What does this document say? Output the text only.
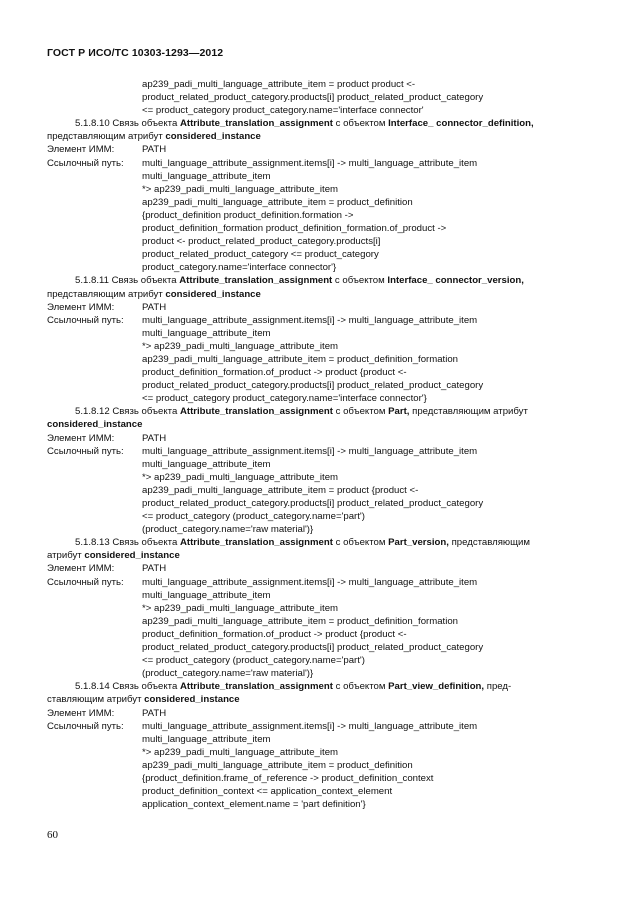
ГОСТ Р ИСО/ТС 10303-1293—2012
ap239_padi_multi_language_attribute_item = product product <-
product_related_product_category.products[i] product_related_product_category
<= product_category product_category.name='interface connector'
5.1.8.10 Связь объекта Attribute_translation_assignment с объектом Interface_ connector_definition,
представляющим атрибут considered_instance
Элемент ИММ:	PATH
Ссылочный путь:	multi_language_attribute_assignment.items[i] -> multi_language_attribute_item
multi_language_attribute_item
*> ap239_padi_multi_language_attribute_item
ap239_padi_multi_language_attribute_item = product_definition
{product_definition product_definition.formation ->
product_definition_formation product_definition_formation.of_product ->
product <- product_related_product_category.products[i]
product_related_product_category <= product_category
product_category.name='interface connector'}
5.1.8.11 Связь объекта Attribute_translation_assignment с объектом Interface_ connector_version,
представляющим атрибут considered_instance
Элемент ИММ:	PATH
Ссылочный путь:	multi_language_attribute_assignment.items[i] -> multi_language_attribute_item
multi_language_attribute_item
*> ap239_padi_multi_language_attribute_item
ap239_padi_multi_language_attribute_item = product_definition_formation
product_definition_formation.of_product -> product {product <-
product_related_product_category.products[i] product_related_product_category
<= product_category product_category.name='interface connector'}
5.1.8.12 Связь объекта Attribute_translation_assignment с объектом Part, представляющим атрибут
considered_instance
Элемент ИММ:	PATH
Ссылочный путь:	multi_language_attribute_assignment.items[i] -> multi_language_attribute_item
multi_language_attribute_item
*> ap239_padi_multi_language_attribute_item
ap239_padi_multi_language_attribute_item = product {product <-
product_related_product_category.products[i] product_related_product_category
<= product_category (product_category.name='part')
(product_category.name='raw material')}
5.1.8.13 Связь объекта Attribute_translation_assignment с объектом Part_version, представляющим
атрибут considered_instance
Элемент ИММ:	PATH
Ссылочный путь:	multi_language_attribute_assignment.items[i] -> multi_language_attribute_item
multi_language_attribute_item
*> ap239_padi_multi_language_attribute_item
ap239_padi_multi_language_attribute_item = product_definition_formation
product_definition_formation.of_product -> product {product <-
product_related_product_category.products[i] product_related_product_category
<= product_category (product_category.name='part')
(product_category.name='raw material')}
5.1.8.14 Связь объекта Attribute_translation_assignment с объектом Part_view_definition, пред-
ставляющим атрибут considered_instance
Элемент ИММ:	PATH
Ссылочный путь:	multi_language_attribute_assignment.items[i] -> multi_language_attribute_item
multi_language_attribute_item
*> ap239_padi_multi_language_attribute_item
ap239_padi_multi_language_attribute_item = product_definition
{product_definition.frame_of_reference -> product_definition_context
product_definition_context <= application_context_element
application_context_element.name = 'part definition'}
60
